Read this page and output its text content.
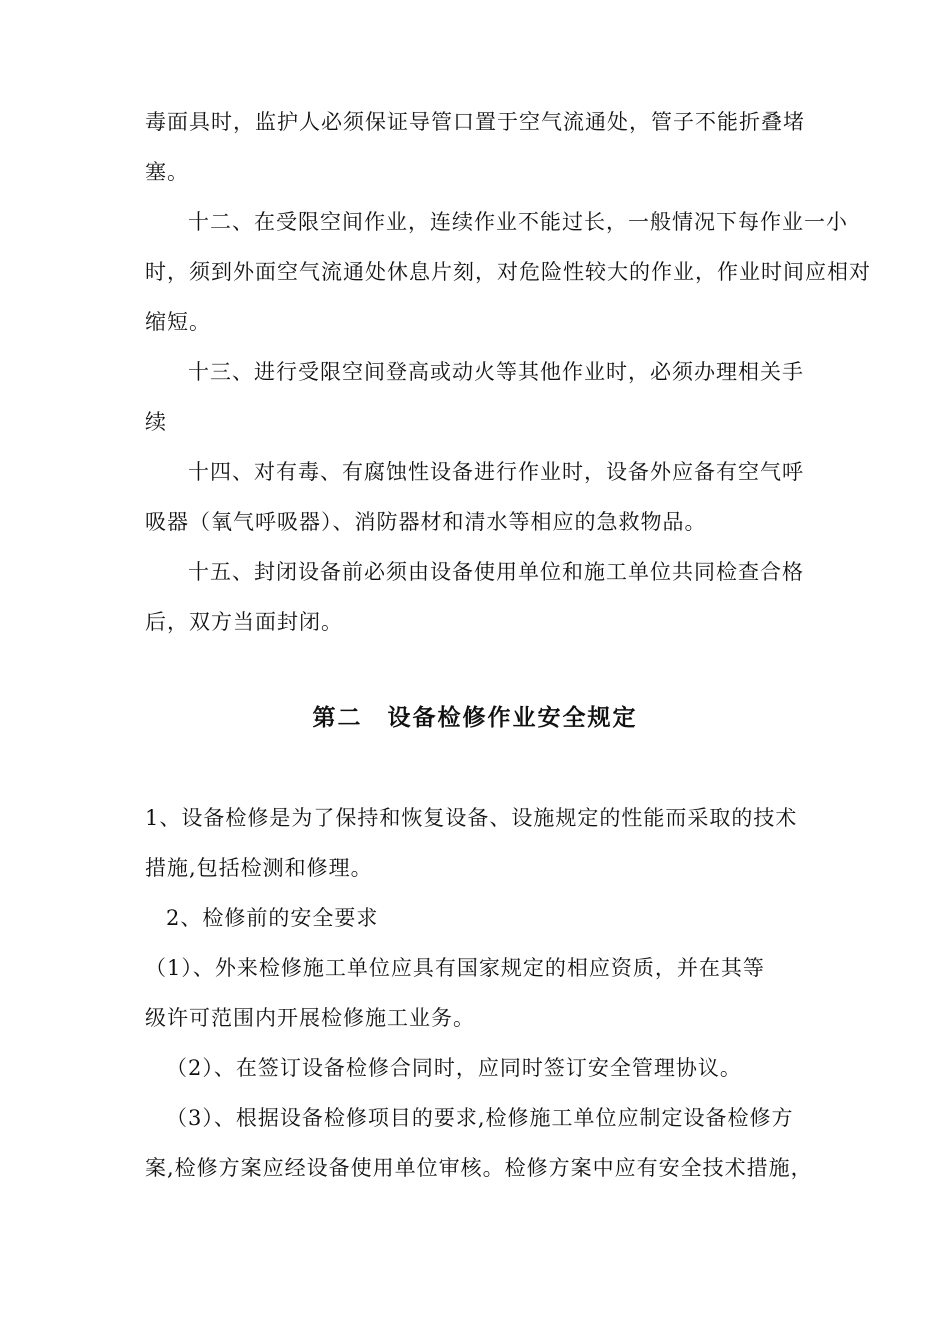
毒面具时，监护人必须保证导管口置于空气流通处，管子不能折叠堵
塞。
十二、在受限空间作业，连续作业不能过长，一般情况下每作业一小
时，须到外面空气流通处休息片刻，对危险性较大的作业，作业时间应相对
缩短。
十三、进行受限空间登高或动火等其他作业时，必须办理相关手
续
十四、对有毒、有腐蚀性设备进行作业时，设备外应备有空气呼
吸器（氧气呼吸器）、消防器材和清水等相应的急救物品。
十五、封闭设备前必须由设备使用单位和施工单位共同检查合格
后，双方当面封闭。
第二　设备检修作业安全规定
1、设备检修是为了保持和恢复设备、设施规定的性能而采取的技术
措施,包括检测和修理。
2、检修前的安全要求
（1）、外来检修施工单位应具有国家规定的相应资质，并在其等
级许可范围内开展检修施工业务。
（2）、在签订设备检修合同时，应同时签订安全管理协议。
（3）、根据设备检修项目的要求,检修施工单位应制定设备检修方
案,检修方案应经设备使用单位审核。检修方案中应有安全技术措施，
